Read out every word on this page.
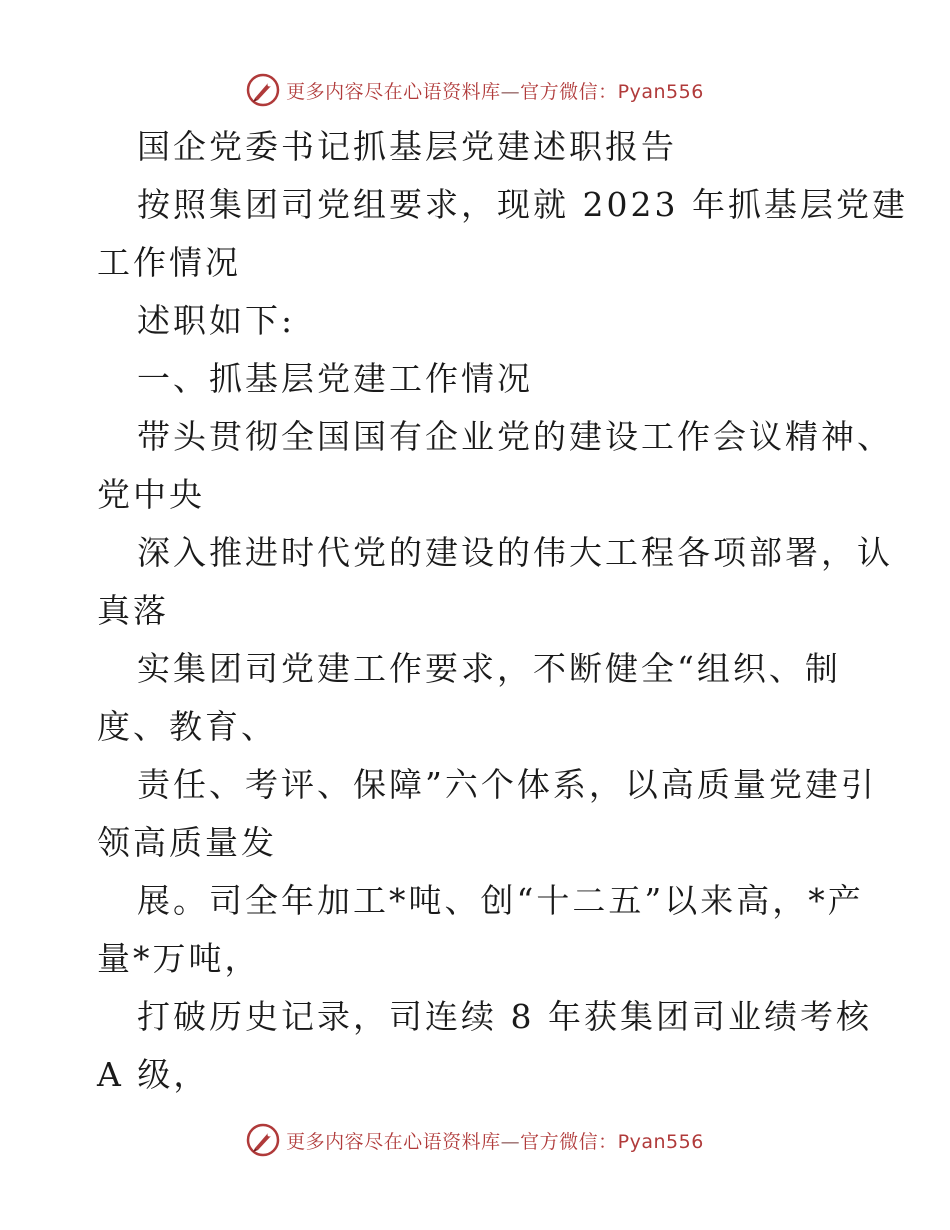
更多内容尽在心语资料库—官方微信：Pyan556
国企党委书记抓基层党建述职报告
按照集团司党组要求，现就 2023 年抓基层党建
工作情况
述职如下:
一、抓基层党建工作情况
带头贯彻全国国有企业党的建设工作会议精神、
党中央
深入推进时代党的建设的伟大工程各项部署，认
真落
实集团司党建工作要求，不断健全“组织、制
度、教育、
责任、考评、保障”六个体系，以高质量党建引
领高质量发
展。司全年加工*吨、创“十二五”以来高，*产
量*万吨，
打破历史记录，司连续 8 年获集团司业绩考核
A 级，
更多内容尽在心语资料库—官方微信：Pyan556
